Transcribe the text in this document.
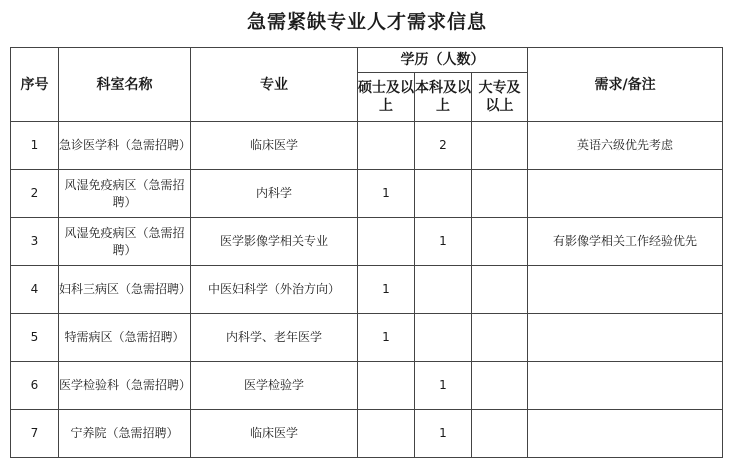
急需紧缺专业人才需求信息
序号	科室名称	专业	学历（人数）			需求/备注
			硕士及以上	本科及以上	大专及以上	
1	急诊医学科（急需招聘）	临床医学		2		英语六级优先考虑
2	风湿免疫病区（急需招聘）	内科学	1			
3	风湿免疫病区（急需招聘）	医学影像学相关专业		1		有影像学相关工作经验优先
4	妇科三病区（急需招聘）	中医妇科学（外治方向）	1			
5	特需病区（急需招聘）	内科学、老年医学	1			
6	医学检验科（急需招聘）	医学检验学		1		
7	宁养院（急需招聘）	临床医学		1		
